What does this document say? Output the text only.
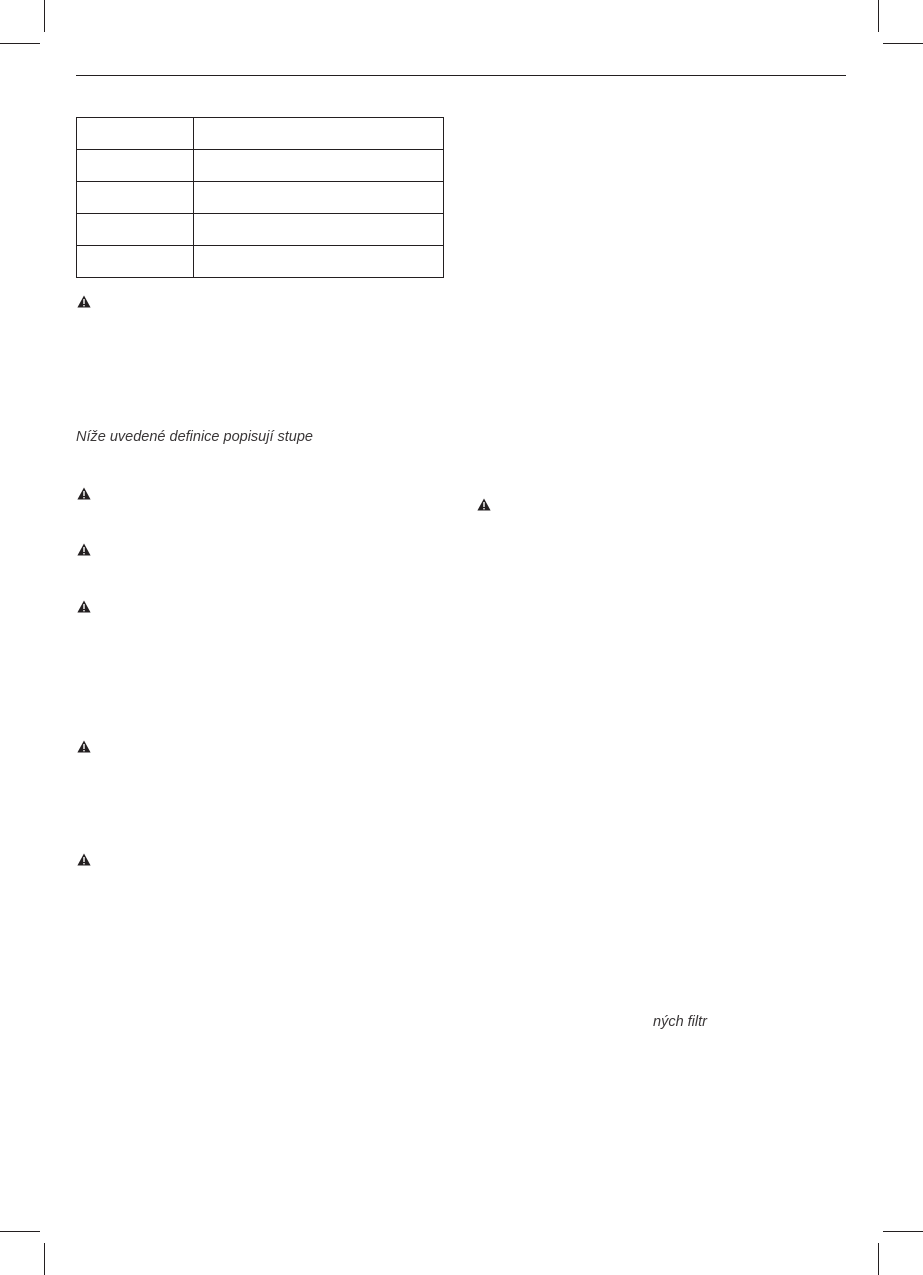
Níže uvedené definice popisují stupe
ných filtr
